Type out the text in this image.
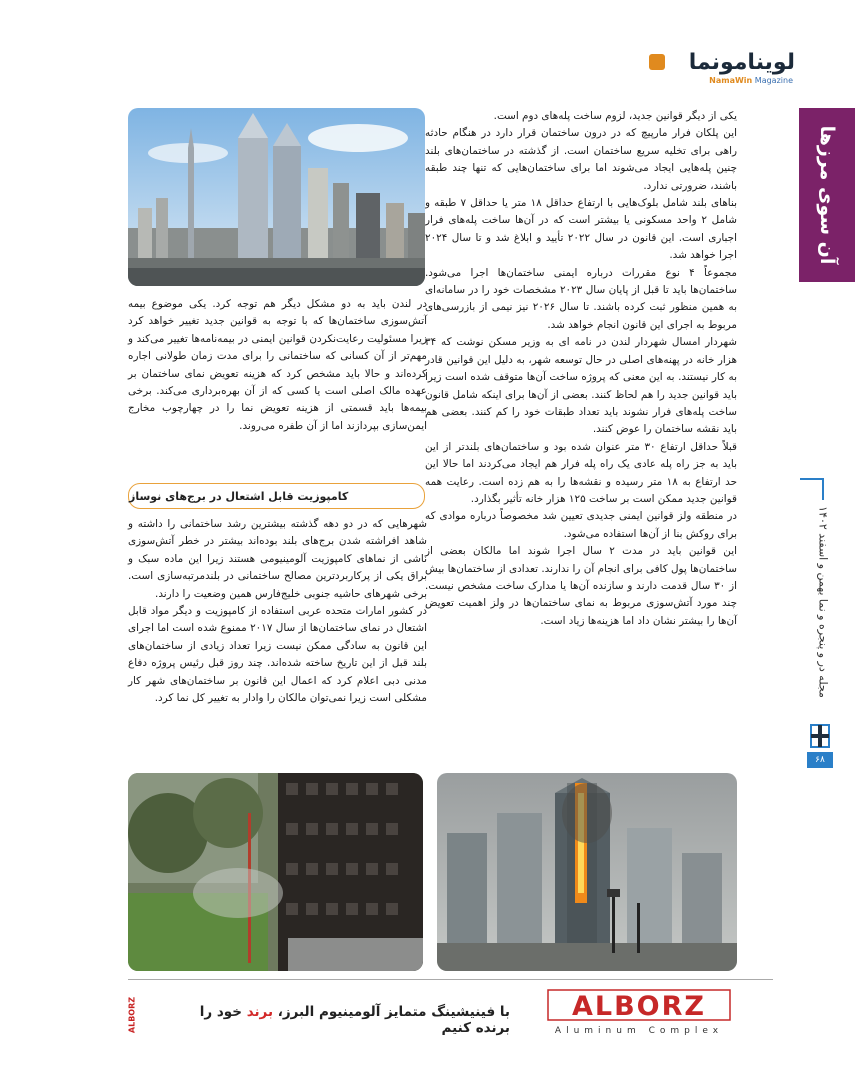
لوینامو‌نما
NamaWin Magazine
آن سوی مرزها
مجله در و پنجره و نما بهمن و اسفند ۱۴۰۲
۶۸

یکی از دیگر قوانین جدید، لزوم ساخت پله‌های دوم است.

این پلکان فرار مارپیچ که در درون ساختمان قرار دارد در هنگام حادثه راهی برای تخلیه سریع ساختمان است. از گذشته در ساختمان‌های بلند چنین پله‌هایی ایجاد می‌شوند اما برای ساختمان‌هایی که تنها چند طبقه باشند، ضرورتی ندارد.

بناهای بلند شامل بلوک‌هایی با ارتفاع حداقل ۱۸ متر یا حداقل ۷ طبقه و شامل ۲ واحد مسکونی یا بیشتر است که در آن‌ها ساخت پله‌های فرار اجباری است. این قانون در سال ۲۰۲۲ تأیید و ابلاغ شد و تا سال ۲۰۲۴ اجرا خواهد شد.

مجموعاً ۴ نوع مقررات درباره ایمنی ساختمان‌ها اجرا می‌شود. ساختمان‌ها باید تا قبل از پایان سال ۲۰۲۳ مشخصات خود را در سامانه‌ای به همین منظور ثبت کرده باشند. تا سال ۲۰۲۶ نیز نیمی از بازرسی‌های مربوط به اجرای این قانون انجام خواهد شد.

شهردار امسال شهردار لندن در نامه ای به وزیر مسکن نوشت که ۳۴ هزار خانه در پهنه‌های اصلی در حال توسعه شهر، به دلیل این قوانین قادر به کار نیستند. به این معنی که پروژه ساخت آن‌ها متوقف شده است زیرا باید قوانین جدید را هم لحاظ کنند. بعضی از آن‌ها برای اینکه شامل قانون ساخت پله‌های فرار نشوند باید تعداد طبقات خود را کم کنند. بعضی هم باید نقشه ساختمان را عوض کنند.

قبلاً حداقل ارتفاع ۳۰ متر عنوان شده بود و ساختمان‌های بلندتر از این باید به جز راه پله عادی یک راه پله فرار هم ایجاد می‌کردند اما حالا این حد ارتفاع به ۱۸ متر رسیده و نقشه‌ها را به هم زده است. رعایت همه قوانین جدید ممکن است بر ساخت ۱۲۵ هزار خانه تأثیر بگذارد.

در منطقه ولز قوانین ایمنی جدیدی تعیین شد مخصوصاً درباره موادی که برای روکش بنا از آن‌ها استفاده می‌شود.

این قوانین باید در مدت ۲ سال اجرا شوند اما مالکان بعضی از ساختمان‌ها پول کافی برای انجام آن را ندارند. تعدادی از ساختمان‌ها بیش از ۳۰ سال قدمت دارند و سازنده آن‌ها یا مدارک ساخت مشخص نیست. چند مورد آتش‌سوزی مربوط به نمای ساختمان‌ها در ولز اهمیت تعویض آن‌ها را بیشتر نشان داد اما هزینه‌ها زیاد است.

در لندن باید به دو مشکل دیگر هم توجه کرد. یکی موضوع بیمه آتش‌سوزی ساختمان‌ها که با توجه به قوانین جدید تغییر خواهد کرد زیرا مسئولیت رعایت‌نکردن قوانین ایمنی در بیمه‌نامه‌ها تغییر می‌کند و مهم‌تر از آن کسانی که ساختمانی را برای مدت زمان طولانی اجاره کرده‌اند و حالا باید مشخص کرد که هزینه تعویض نمای ساختمان بر عهده مالک اصلی است یا کسی که از آن بهره‌برداری می‌کند. برخی بیمه‌ها باید قسمتی از هزینه تعویض نما را در چهارچوب مخارج ایمن‌سازی بپردازند اما از آن طفره می‌روند.

کامپوزیت قابل اشتعال در برج‌های نوساز

شهرهایی که در دو دهه گذشته بیشترین رشد ساختمانی را داشته و شاهد افراشته شدن برج‌های بلند بوده‌اند بیشتر در خطر آتش‌سوزی ناشی از نماهای کامپوزیت آلومینیومی هستند زیرا این ماده سبک و براق یکی از پرکاربردترین مصالح ساختمانی در بلندمرتبه‌سازی است. برخی شهرهای حاشیه جنوبی خلیج‌فارس همین وضعیت را دارند.

در کشور امارات متحده عربی استفاده از کامپوزیت و دیگر مواد قابل اشتعال در نمای ساختمان‌ها از سال ۲۰۱۷ ممنوع شده است اما اجرای این قانون به سادگی ممکن نیست زیرا تعداد زیادی از ساختمان‌های بلند قبل از این تاریخ ساخته شده‌اند. چند روز قبل رئیس پروژه دفاع مدنی دبی اعلام کرد که اعمال این قانون بر ساختمان‌های شهر کار مشکلی است زیرا نمی‌توان مالکان را وادار به تغییر کل نما کرد.

ALBORZ	با فینیشینگ متمایز آلومینیوم البرز، برند خود را برنده کنیم
ALBORZ
Aluminum Complex
